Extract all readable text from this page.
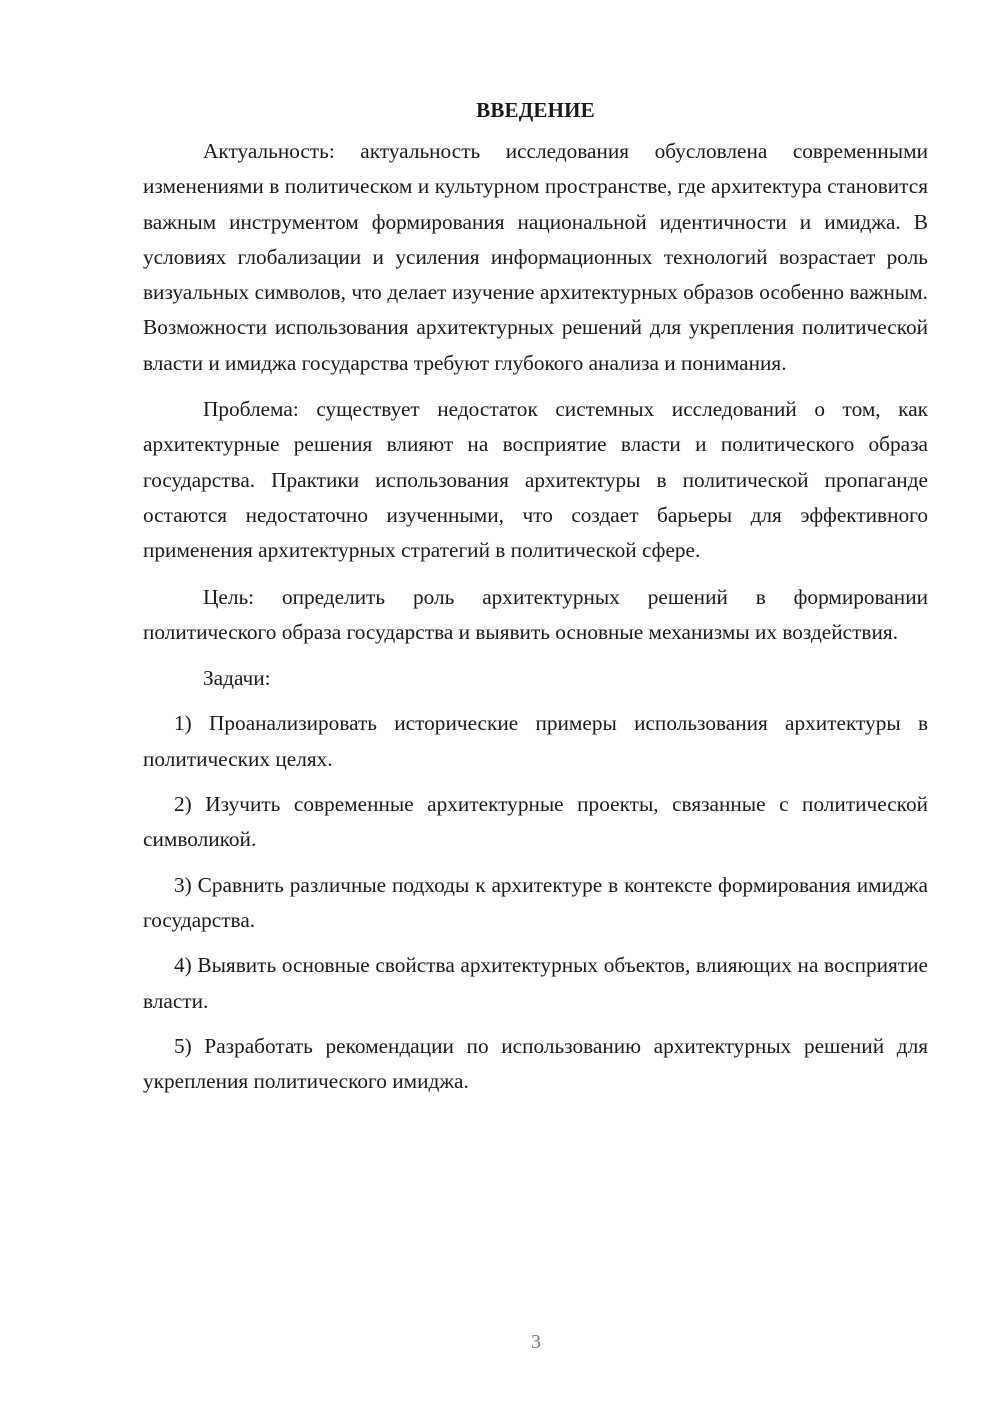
ВВЕДЕНИЕ

Актуальность: актуальность исследования обусловлена современными изменениями в политическом и культурном пространстве, где архитектура становится важным инструментом формирования национальной идентичности и имиджа. В условиях глобализации и усиления информационных технологий возрастает роль визуальных символов, что делает изучение архитектурных образов особенно важным. Возможности использования архитектурных решений для укрепления политической власти и имиджа государства требуют глубокого анализа и понимания.

Проблема: существует недостаток системных исследований о том, как архитектурные решения влияют на восприятие власти и политического образа государства. Практики использования архитектуры в политической пропаганде остаются недостаточно изученными, что создает барьеры для эффективного применения архитектурных стратегий в политической сфере.

Цель: определить роль архитектурных решений в формировании политического образа государства и выявить основные механизмы их воздействия.

Задачи:

1) Проанализировать исторические примеры использования архитектуры в политических целях.

2) Изучить современные архитектурные проекты, связанные с политической символикой.

3) Сравнить различные подходы к архитектуре в контексте формирования имиджа государства.

4) Выявить основные свойства архитектурных объектов, влияющих на восприятие власти.

5) Разработать рекомендации по использованию архитектурных решений для укрепления политического имиджа.

3
